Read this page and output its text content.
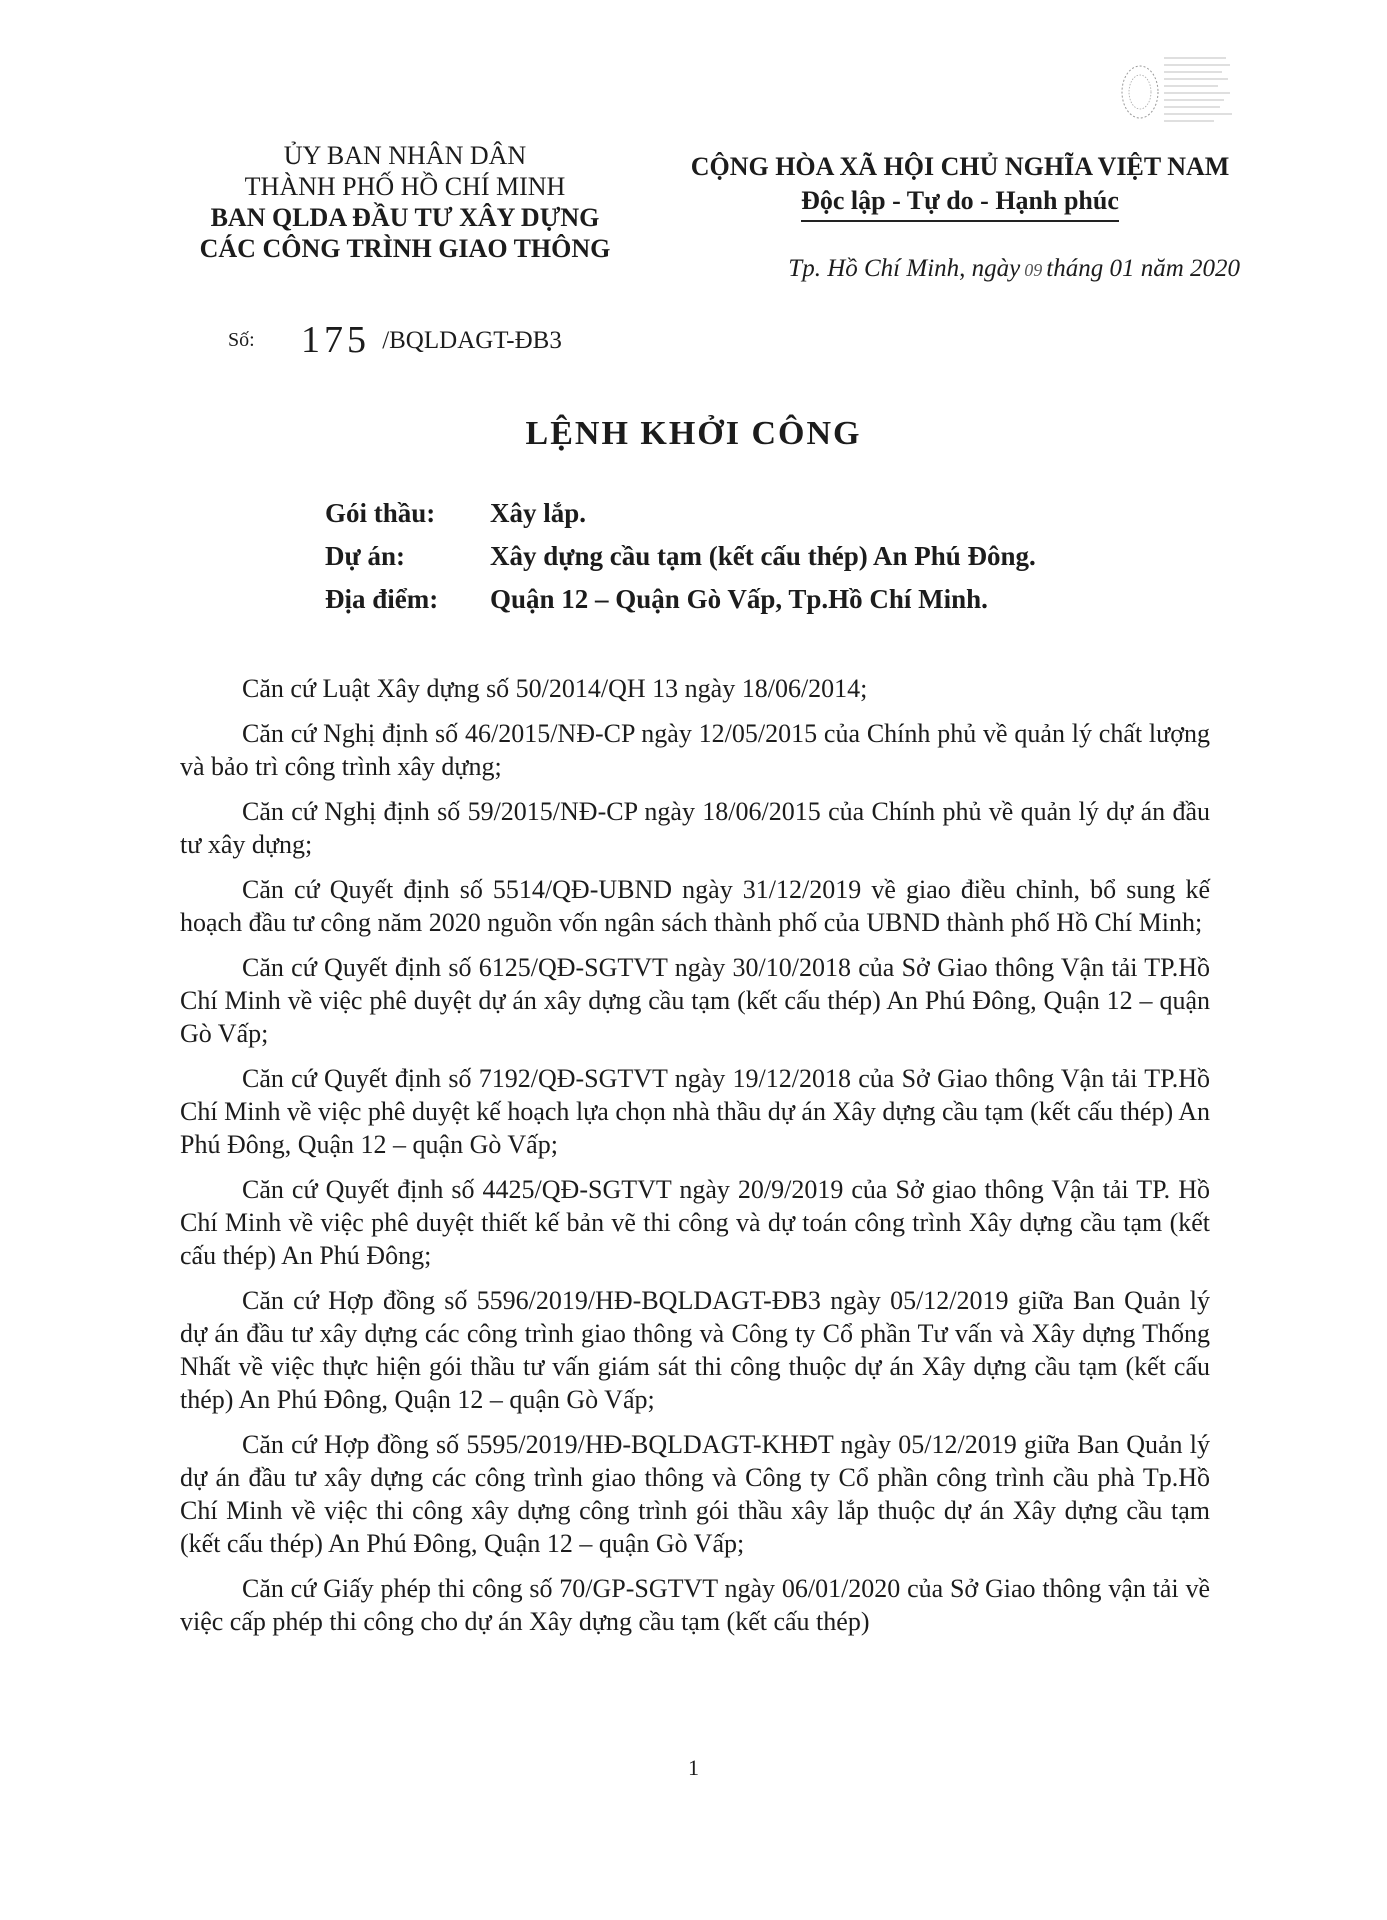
ỦY BAN NHÂN DÂN
THÀNH PHỐ HỒ CHÍ MINH
BAN QLDA ĐẦU TƯ XÂY DỰNG
CÁC CÔNG TRÌNH GIAO THÔNG
$^{Số:}$ 175 /BQLDAGT-ĐB3
CỘNG HÒA XÃ HỘI CHỦ NGHĨA VIỆT NAM
Độc lập - Tự do - Hạnh phúc
Tp. Hồ Chí Minh, ngày 09 tháng 01 năm 2020
LỆNH KHỞI CÔNG
Gói thầu:	Xây lắp.
Dự án:	Xây dựng cầu tạm (kết cấu thép) An Phú Đông.
Địa điểm:	Quận 12 – Quận Gò Vấp, Tp.Hồ Chí Minh.

Căn cứ Luật Xây dựng số 50/2014/QH 13 ngày 18/06/2014;

Căn cứ Nghị định số 46/2015/NĐ-CP ngày 12/05/2015 của Chính phủ về quản lý chất lượng và bảo trì công trình xây dựng;

Căn cứ Nghị định số 59/2015/NĐ-CP ngày 18/06/2015 của Chính phủ về quản lý dự án đầu tư xây dựng;

Căn cứ Quyết định số 5514/QĐ-UBND ngày 31/12/2019 về giao điều chỉnh, bổ sung kế hoạch đầu tư công năm 2020 nguồn vốn ngân sách thành phố của UBND thành phố Hồ Chí Minh;

Căn cứ Quyết định số 6125/QĐ-SGTVT ngày 30/10/2018 của Sở Giao thông Vận tải TP.Hồ Chí Minh về việc phê duyệt dự án xây dựng cầu tạm (kết cấu thép) An Phú Đông, Quận 12 – quận Gò Vấp;

Căn cứ Quyết định số 7192/QĐ-SGTVT ngày 19/12/2018 của Sở Giao thông Vận tải TP.Hồ Chí Minh về việc phê duyệt kế hoạch lựa chọn nhà thầu dự án Xây dựng cầu tạm (kết cấu thép) An Phú Đông, Quận 12 – quận Gò Vấp;

Căn cứ Quyết định số 4425/QĐ-SGTVT ngày 20/9/2019 của Sở giao thông Vận tải TP. Hồ Chí Minh về việc phê duyệt thiết kế bản vẽ thi công và dự toán công trình Xây dựng cầu tạm (kết cấu thép) An Phú Đông;

Căn cứ Hợp đồng số 5596/2019/HĐ-BQLDAGT-ĐB3 ngày 05/12/2019 giữa Ban Quản lý dự án đầu tư xây dựng các công trình giao thông và Công ty Cổ phần Tư vấn và Xây dựng Thống Nhất về việc thực hiện gói thầu tư vấn giám sát thi công thuộc dự án Xây dựng cầu tạm (kết cấu thép) An Phú Đông, Quận 12 – quận Gò Vấp;

Căn cứ Hợp đồng số 5595/2019/HĐ-BQLDAGT-KHĐT ngày 05/12/2019 giữa Ban Quản lý dự án đầu tư xây dựng các công trình giao thông và Công ty Cổ phần công trình cầu phà Tp.Hồ Chí Minh về việc thi công xây dựng công trình gói thầu xây lắp thuộc dự án Xây dựng cầu tạm (kết cấu thép) An Phú Đông, Quận 12 – quận Gò Vấp;

Căn cứ Giấy phép thi công số 70/GP-SGTVT ngày 06/01/2020 của Sở Giao thông vận tải về việc cấp phép thi công cho dự án Xây dựng cầu tạm (kết cấu thép)

1
